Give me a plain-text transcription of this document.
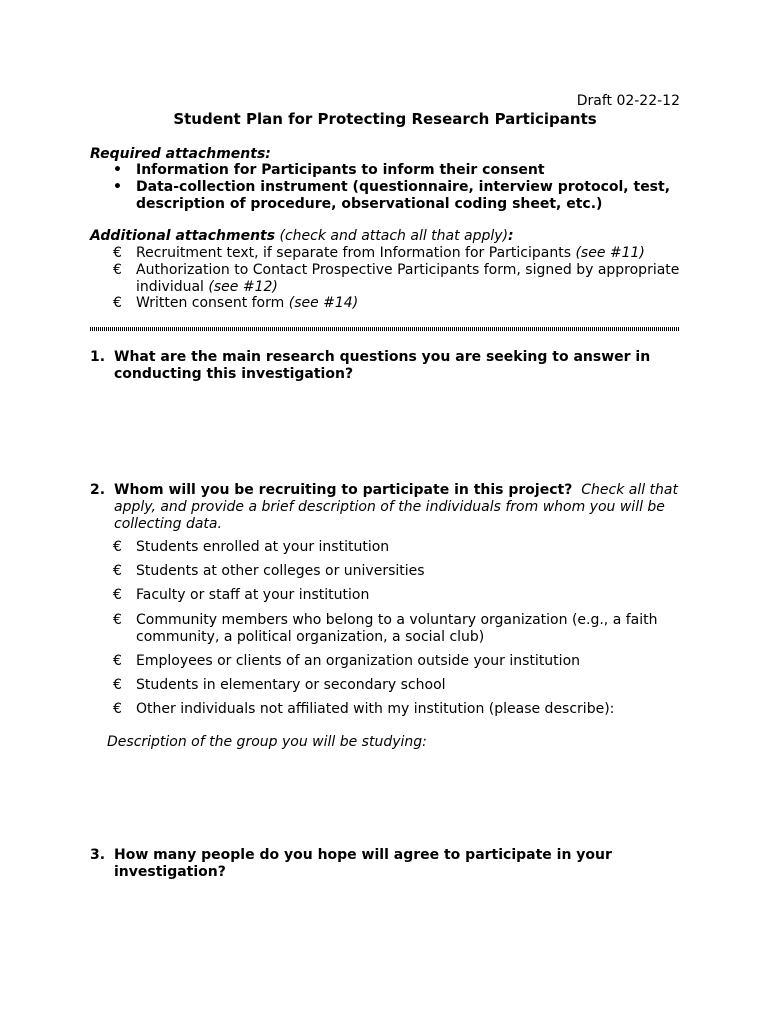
Draft 02-22-12
Student Plan for Protecting Research Participants
Required attachments:
• Information for Participants to inform their consent
• Data-collection instrument (questionnaire, interview protocol, test, description of procedure, observational coding sheet, etc.)
Additional attachments (check and attach all that apply):
€ Recruitment text, if separate from Information for Participants (see #11)
€ Authorization to Contact Prospective Participants form, signed by appropriate individual (see #12)
€ Written consent form (see #14)
1. What are the main research questions you are seeking to answer in conducting this investigation?
2. Whom will you be recruiting to participate in this project? Check all that apply, and provide a brief description of the individuals from whom you will be collecting data.
€ Students enrolled at your institution
€ Students at other colleges or universities
€ Faculty or staff at your institution
€ Community members who belong to a voluntary organization (e.g., a faith community, a political organization, a social club)
€ Employees or clients of an organization outside your institution
€ Students in elementary or secondary school
€ Other individuals not affiliated with my institution (please describe):
Description of the group you will be studying:
3. How many people do you hope will agree to participate in your investigation?
